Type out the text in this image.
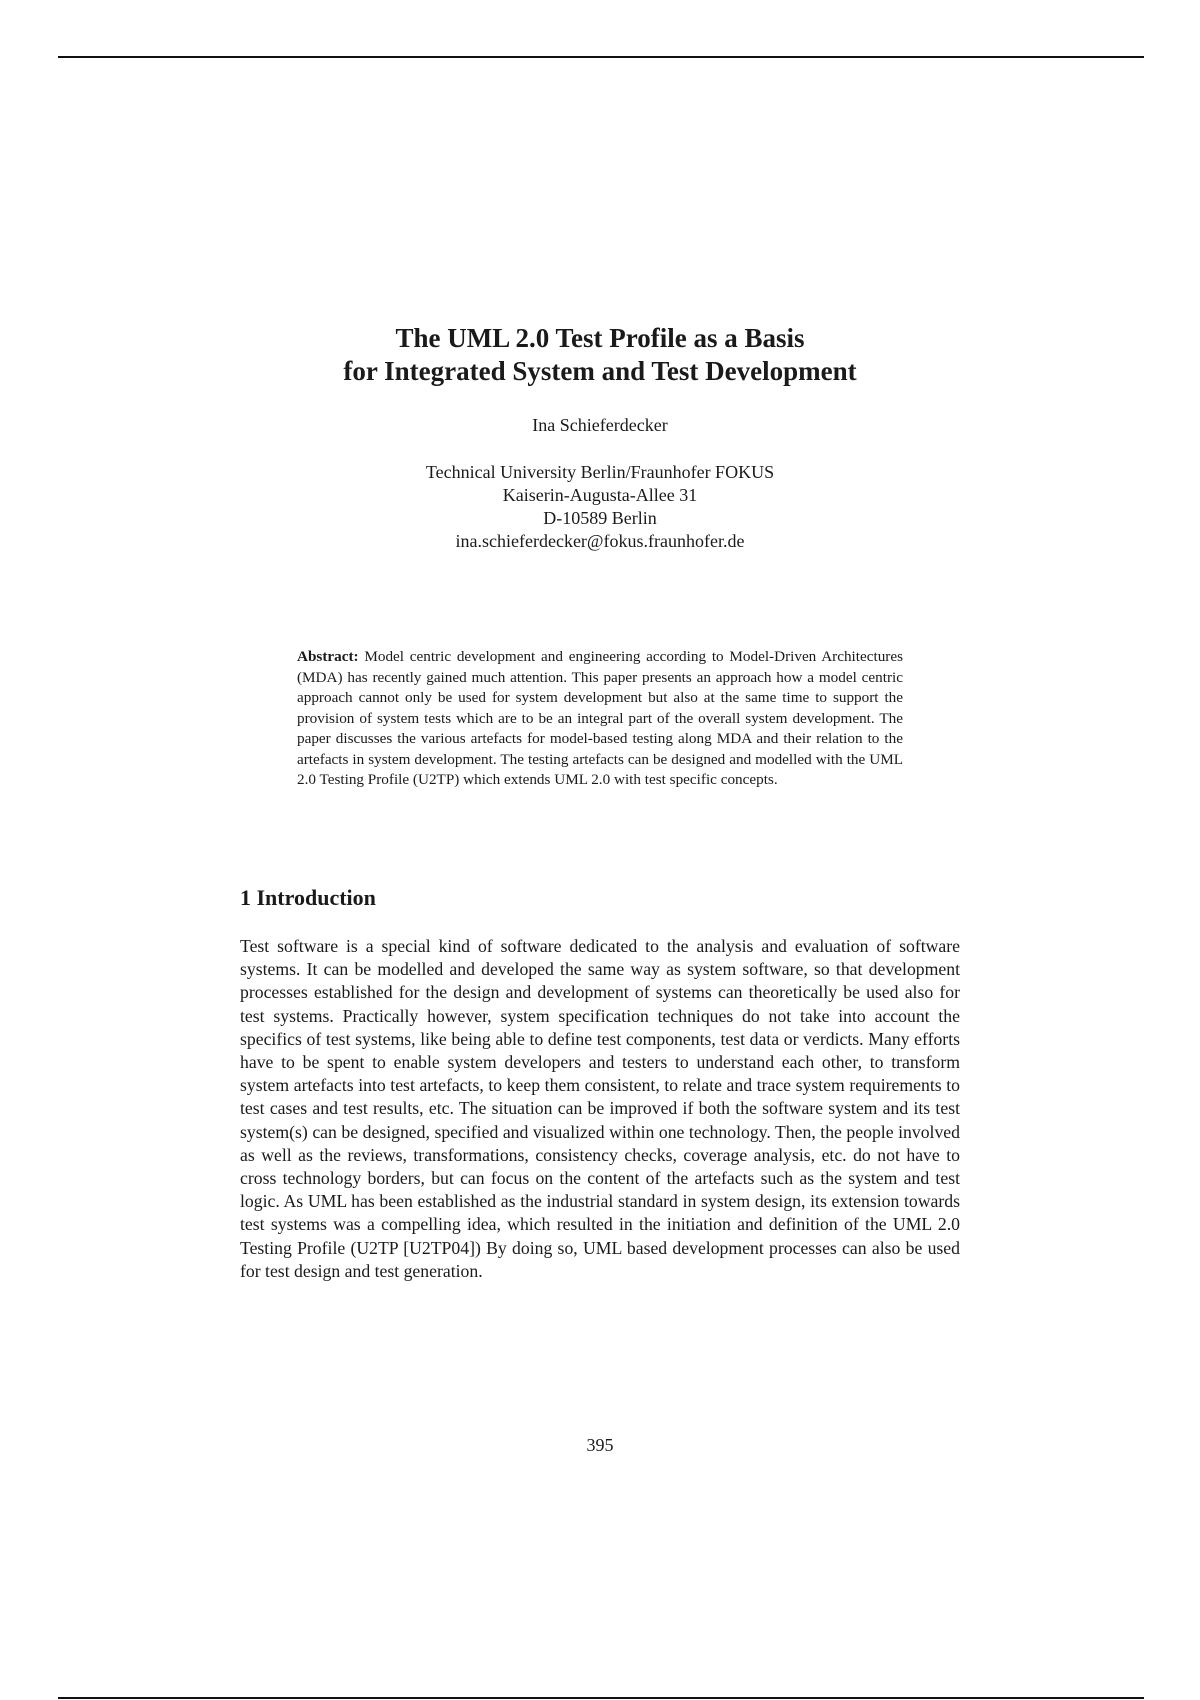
The UML 2.0 Test Profile as a Basis
for Integrated System and Test Development
Ina Schieferdecker
Technical University Berlin/Fraunhofer FOKUS
Kaiserin-Augusta-Allee 31
D-10589 Berlin
ina.schieferdecker@fokus.fraunhofer.de
Abstract: Model centric development and engineering according to Model-Driven Architectures (MDA) has recently gained much attention. This paper presents an approach how a model centric approach cannot only be used for system development but also at the same time to support the provision of system tests which are to be an integral part of the overall system development. The paper discusses the various artefacts for model-based testing along MDA and their relation to the artefacts in system development. The testing artefacts can be designed and modelled with the UML 2.0 Testing Profile (U2TP) which extends UML 2.0 with test specific concepts.
1 Introduction
Test software is a special kind of software dedicated to the analysis and evaluation of software systems. It can be modelled and developed the same way as system software, so that development processes established for the design and development of systems can theoretically be used also for test systems. Practically however, system specification techniques do not take into account the specifics of test systems, like being able to define test components, test data or verdicts. Many efforts have to be spent to enable system developers and testers to understand each other, to transform system artefacts into test artefacts, to keep them consistent, to relate and trace system requirements to test cases and test results, etc. The situation can be improved if both the software system and its test system(s) can be designed, specified and visualized within one technology. Then, the people involved as well as the reviews, transformations, consistency checks, coverage analysis, etc. do not have to cross technology borders, but can focus on the content of the artefacts such as the system and test logic. As UML has been established as the industrial standard in system design, its extension towards test systems was a compelling idea, which resulted in the initiation and definition of the UML 2.0 Testing Profile (U2TP [U2TP04]) By doing so, UML based development processes can also be used for test design and test generation.
395
